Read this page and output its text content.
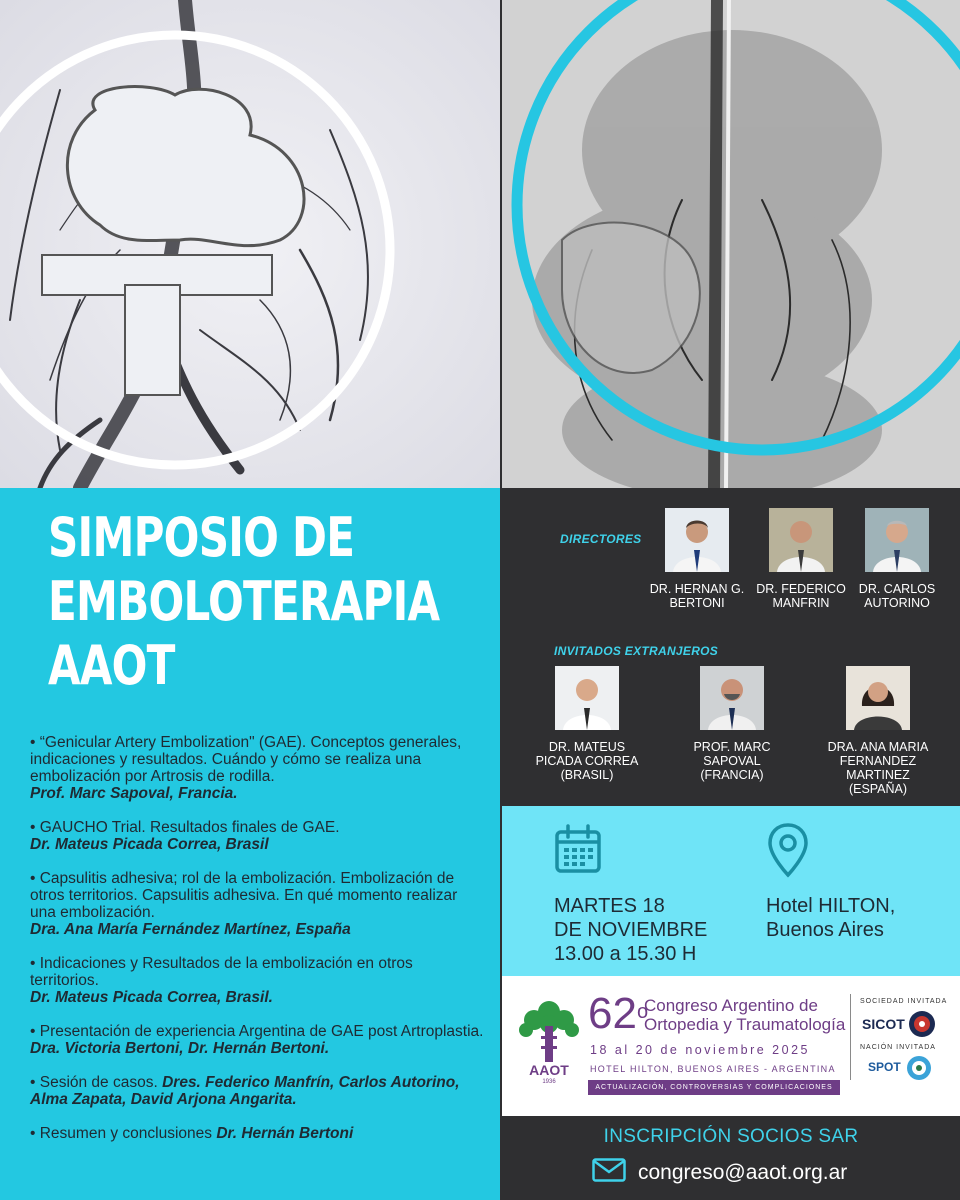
SIMPOSIO DE
EMBOLOTERAPIA
AAOT
• “Genicular Artery Embolization" (GAE). Conceptos generales, indicaciones y resultados. Cuándo y cómo se realiza una embolización por Artrosis de rodilla.
Prof. Marc Sapoval, Francia.
• GAUCHO Trial. Resultados finales de GAE.
Dr. Mateus Picada Correa, Brasil
• Capsulitis adhesiva; rol de la embolización. Embolización de otros territorios. Capsulitis adhesiva. En qué momento realizar una embolización.
Dra. Ana María Fernández Martínez, España
• Indicaciones y Resultados de la embolización en otros territorios.
Dr. Mateus Picada Correa, Brasil.
• Presentación de experiencia Argentina de GAE post Artroplastia.
Dra. Victoria Bertoni, Dr. Hernán Bertoni.
• Sesión de casos. Dres. Federico Manfrín, Carlos Autorino, Alma Zapata, David Arjona Angarita.
• Resumen y conclusiones Dr. Hernán Bertoni
DIRECTORES
DR. HERNAN G.
BERTONI
DR. FEDERICO
MANFRIN
DR. CARLOS
AUTORINO
INVITADOS EXTRANJEROS
DR. MATEUS
PICADA CORREA
(BRASIL)
PROF. MARC
SAPOVAL
(FRANCIA)
DRA. ANA MARIA
FERNANDEZ
MARTINEZ
(ESPAÑA)
MARTES 18
DE NOVIEMBRE
13.00 a 15.30 H
Hotel HILTON,
Buenos Aires
AAOT
1936
62$^o$
Congreso Argentino de
Ortopedia y Traumatología
18 al 20 de noviembre 2025
HOTEL HILTON, BUENOS AIRES - ARGENTINA
ACTUALIZACIÓN, CONTROVERSIAS Y COMPLICACIONES
SOCIEDAD INVITADA
SICOT
NACIÓN INVITADA
SPOT
INSCRIPCIÓN SOCIOS SAR
congreso@aaot.org.ar
